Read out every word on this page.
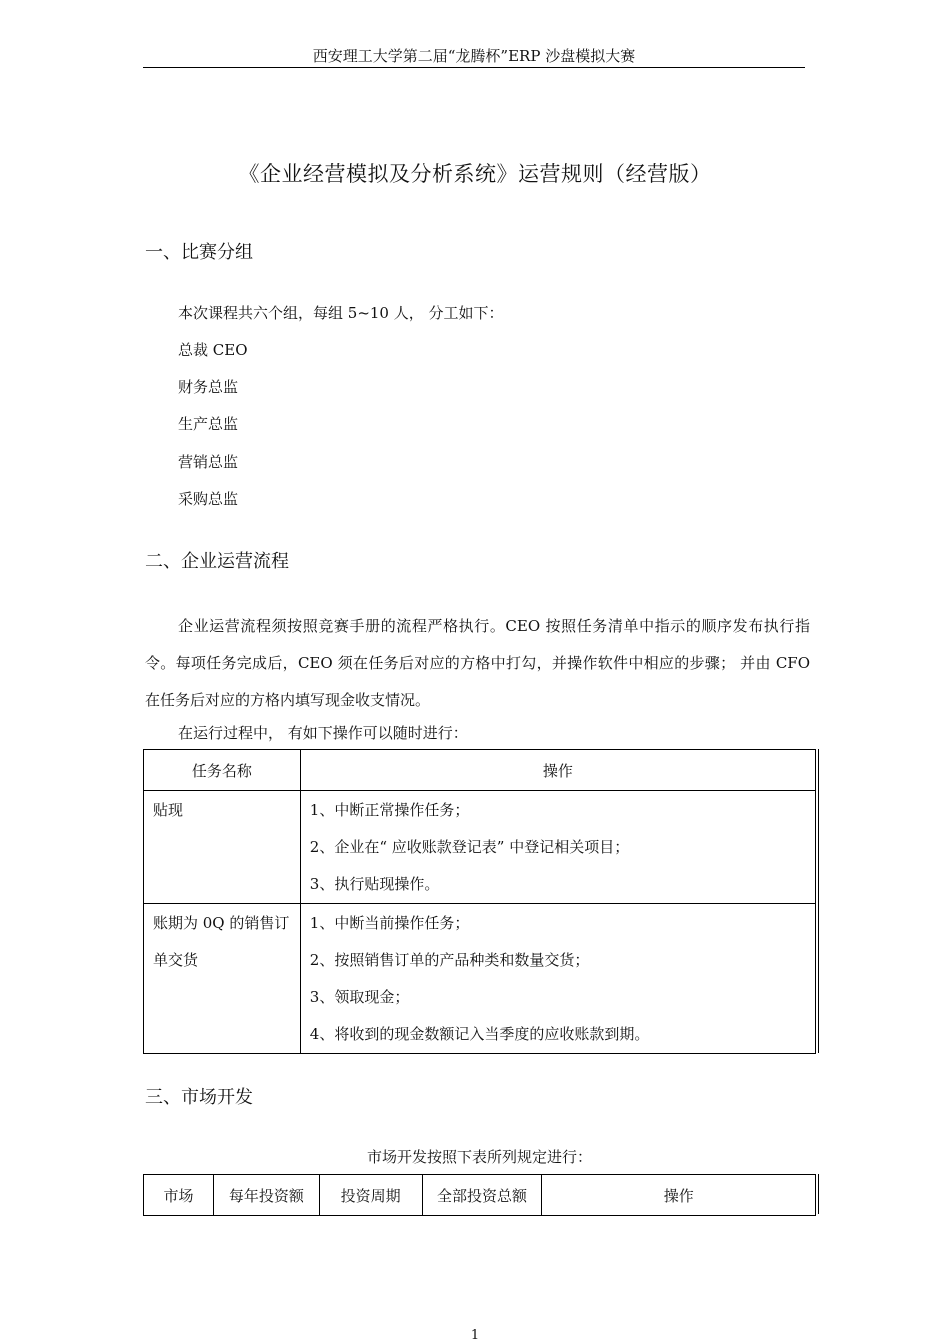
西安理工大学第二届“龙腾杯”ERP 沙盘模拟大赛
《企业经营模拟及分析系统》运营规则（经营版）
一、比赛分组
本次课程共六个组，每组 5~10 人， 分工如下：
总裁 CEO
财务总监
生产总监
营销总监
采购总监
二、企业运营流程
企业运营流程须按照竞赛手册的流程严格执行。CEO 按照任务清单中指示的顺序发布执行指令。每项任务完成后，CEO 须在任务后对应的方格中打勾，并操作软件中相应的步骤； 并由 CFO 在任务后对应的方格内填写现金收支情况。
在运行过程中， 有如下操作可以随时进行：
任务名称	操作
贴现	1、中断正常操作任务；
2、企业在“ 应收账款登记表” 中登记相关项目；
3、执行贴现操作。

账期为 0Q 的销售订单交货	1、中断当前操作任务；
2、按照销售订单的产品种类和数量交货；
3、领取现金；
4、将收到的现金数额记入当季度的应收账款到期。
三、市场开发
市场开发按照下表所列规定进行：
市场	每年投资额	投资周期	全部投资总额	操作
1
